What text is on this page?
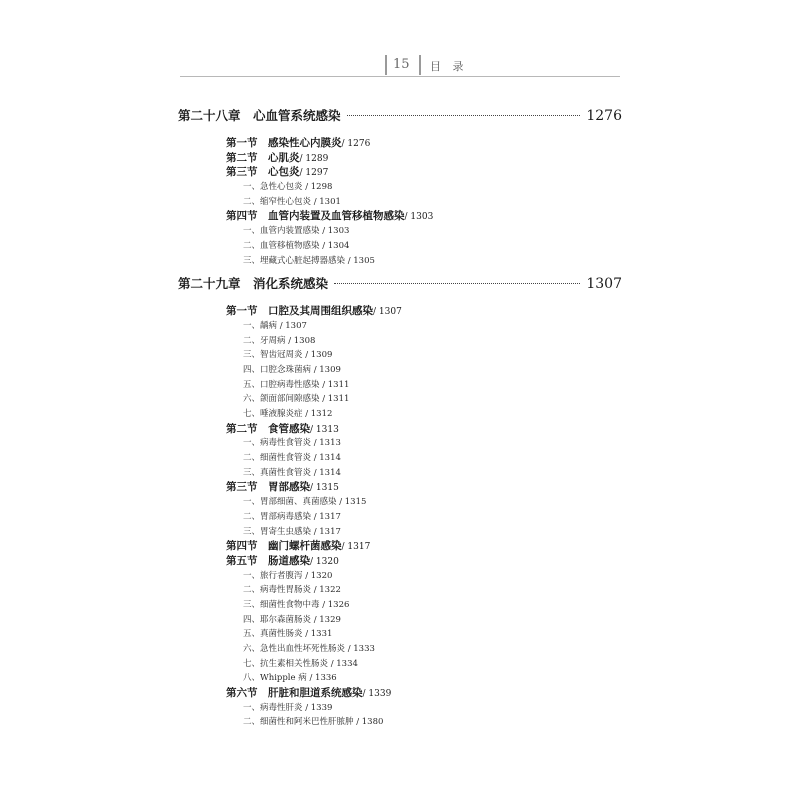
15 目 录
第二十八章　心血管系统感染	1276
第一节　感染性心内膜炎/ 1276
第二节　心肌炎/ 1289
第三节　心包炎/ 1297
一、急性心包炎 / 1298
二、缩窄性心包炎 / 1301
第四节　血管内装置及血管移植物感染/ 1303
一、血管内装置感染 / 1303
二、血管移植物感染 / 1304
三、埋藏式心脏起搏器感染 / 1305
第二十九章　消化系统感染	1307
第一节　口腔及其周围组织感染/ 1307
一、龋病 / 1307
二、牙周病 / 1308
三、智齿冠周炎 / 1309
四、口腔念珠菌病 / 1309
五、口腔病毒性感染 / 1311
六、颌面部间隙感染 / 1311
七、唾液腺炎症 / 1312
第二节　食管感染/ 1313
一、病毒性食管炎 / 1313
二、细菌性食管炎 / 1314
三、真菌性食管炎 / 1314
第三节　胃部感染/ 1315
一、胃部细菌、真菌感染 / 1315
二、胃部病毒感染 / 1317
三、胃寄生虫感染 / 1317
第四节　幽门螺杆菌感染/ 1317
第五节　肠道感染/ 1320
一、旅行者腹泻 / 1320
二、病毒性胃肠炎 / 1322
三、细菌性食物中毒 / 1326
四、耶尔森菌肠炎 / 1329
五、真菌性肠炎 / 1331
六、急性出血性坏死性肠炎 / 1333
七、抗生素相关性肠炎 / 1334
八、Whipple 病 / 1336
第六节　肝脏和胆道系统感染/ 1339
一、病毒性肝炎 / 1339
二、细菌性和阿米巴性肝脓肿 / 1380
